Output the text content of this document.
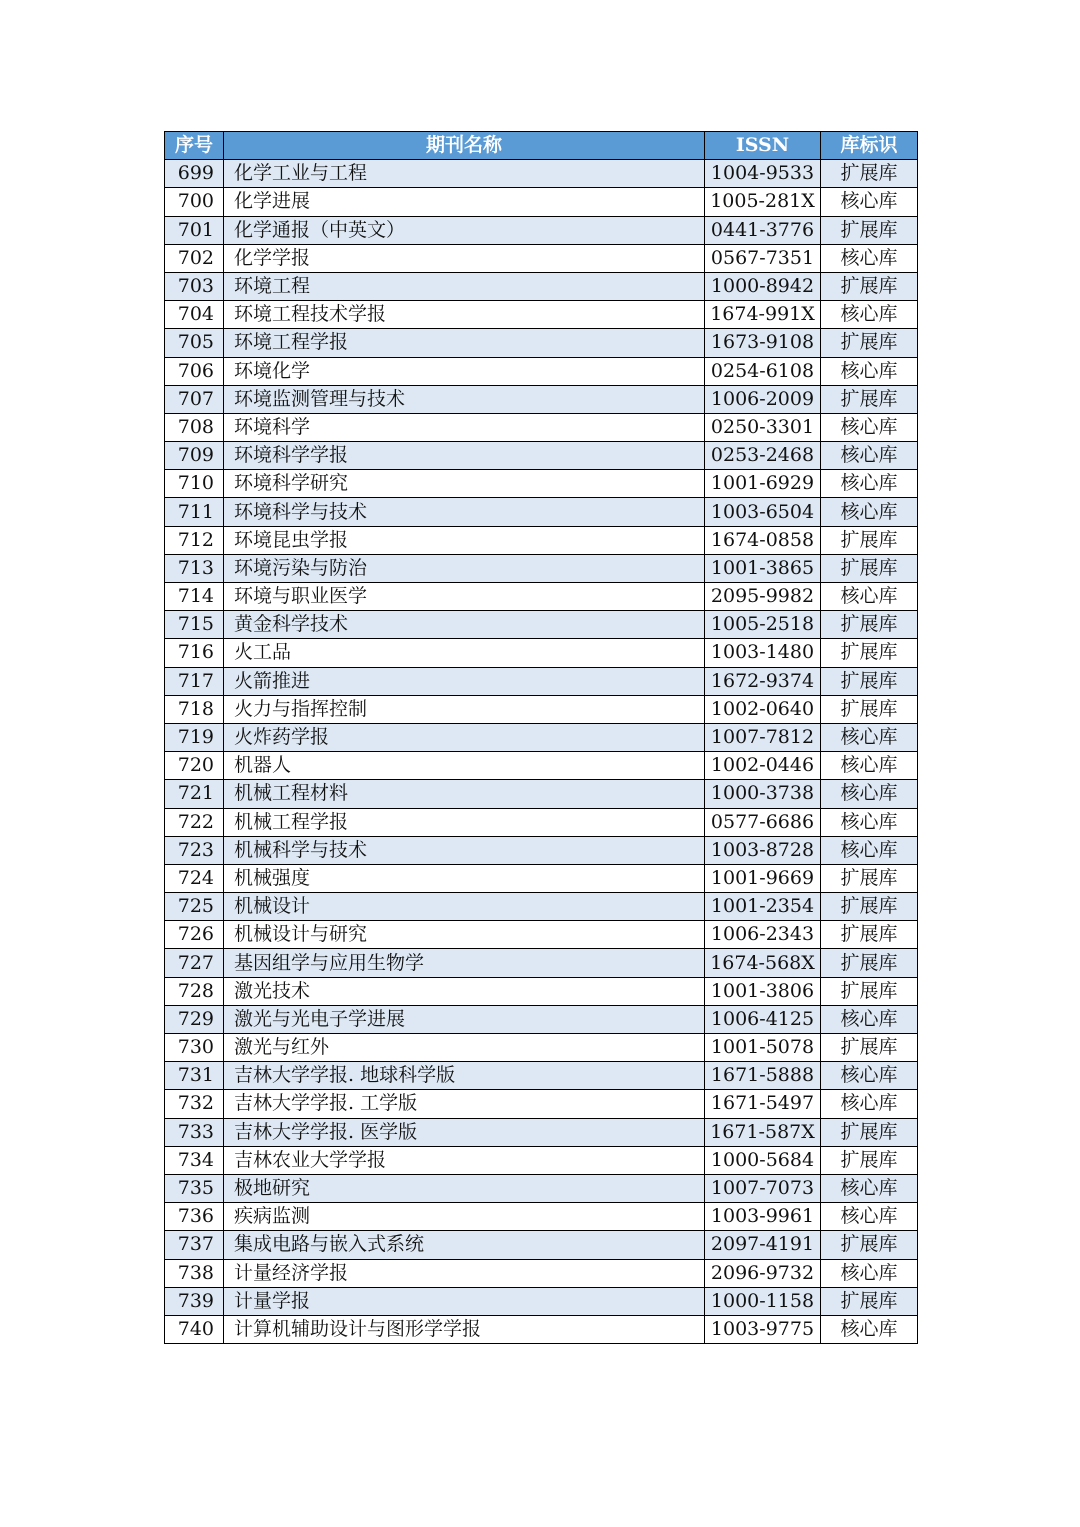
序号	期刊名称	ISSN	库标识
699	化学工业与工程	1004-9533	扩展库
700	化学进展	1005-281X	核心库
701	化学通报（中英文）	0441-3776	扩展库
702	化学学报	0567-7351	核心库
703	环境工程	1000-8942	扩展库
704	环境工程技术学报	1674-991X	核心库
705	环境工程学报	1673-9108	扩展库
706	环境化学	0254-6108	核心库
707	环境监测管理与技术	1006-2009	扩展库
708	环境科学	0250-3301	核心库
709	环境科学学报	0253-2468	核心库
710	环境科学研究	1001-6929	核心库
711	环境科学与技术	1003-6504	核心库
712	环境昆虫学报	1674-0858	扩展库
713	环境污染与防治	1001-3865	扩展库
714	环境与职业医学	2095-9982	核心库
715	黄金科学技术	1005-2518	扩展库
716	火工品	1003-1480	扩展库
717	火箭推进	1672-9374	扩展库
718	火力与指挥控制	1002-0640	扩展库
719	火炸药学报	1007-7812	核心库
720	机器人	1002-0446	核心库
721	机械工程材料	1000-3738	核心库
722	机械工程学报	0577-6686	核心库
723	机械科学与技术	1003-8728	核心库
724	机械强度	1001-9669	扩展库
725	机械设计	1001-2354	扩展库
726	机械设计与研究	1006-2343	扩展库
727	基因组学与应用生物学	1674-568X	扩展库
728	激光技术	1001-3806	扩展库
729	激光与光电子学进展	1006-4125	核心库
730	激光与红外	1001-5078	扩展库
731	吉林大学学报. 地球科学版	1671-5888	核心库
732	吉林大学学报. 工学版	1671-5497	核心库
733	吉林大学学报. 医学版	1671-587X	扩展库
734	吉林农业大学学报	1000-5684	扩展库
735	极地研究	1007-7073	核心库
736	疾病监测	1003-9961	核心库
737	集成电路与嵌入式系统	2097-4191	扩展库
738	计量经济学报	2096-9732	核心库
739	计量学报	1000-1158	扩展库
740	计算机辅助设计与图形学学报	1003-9775	核心库
